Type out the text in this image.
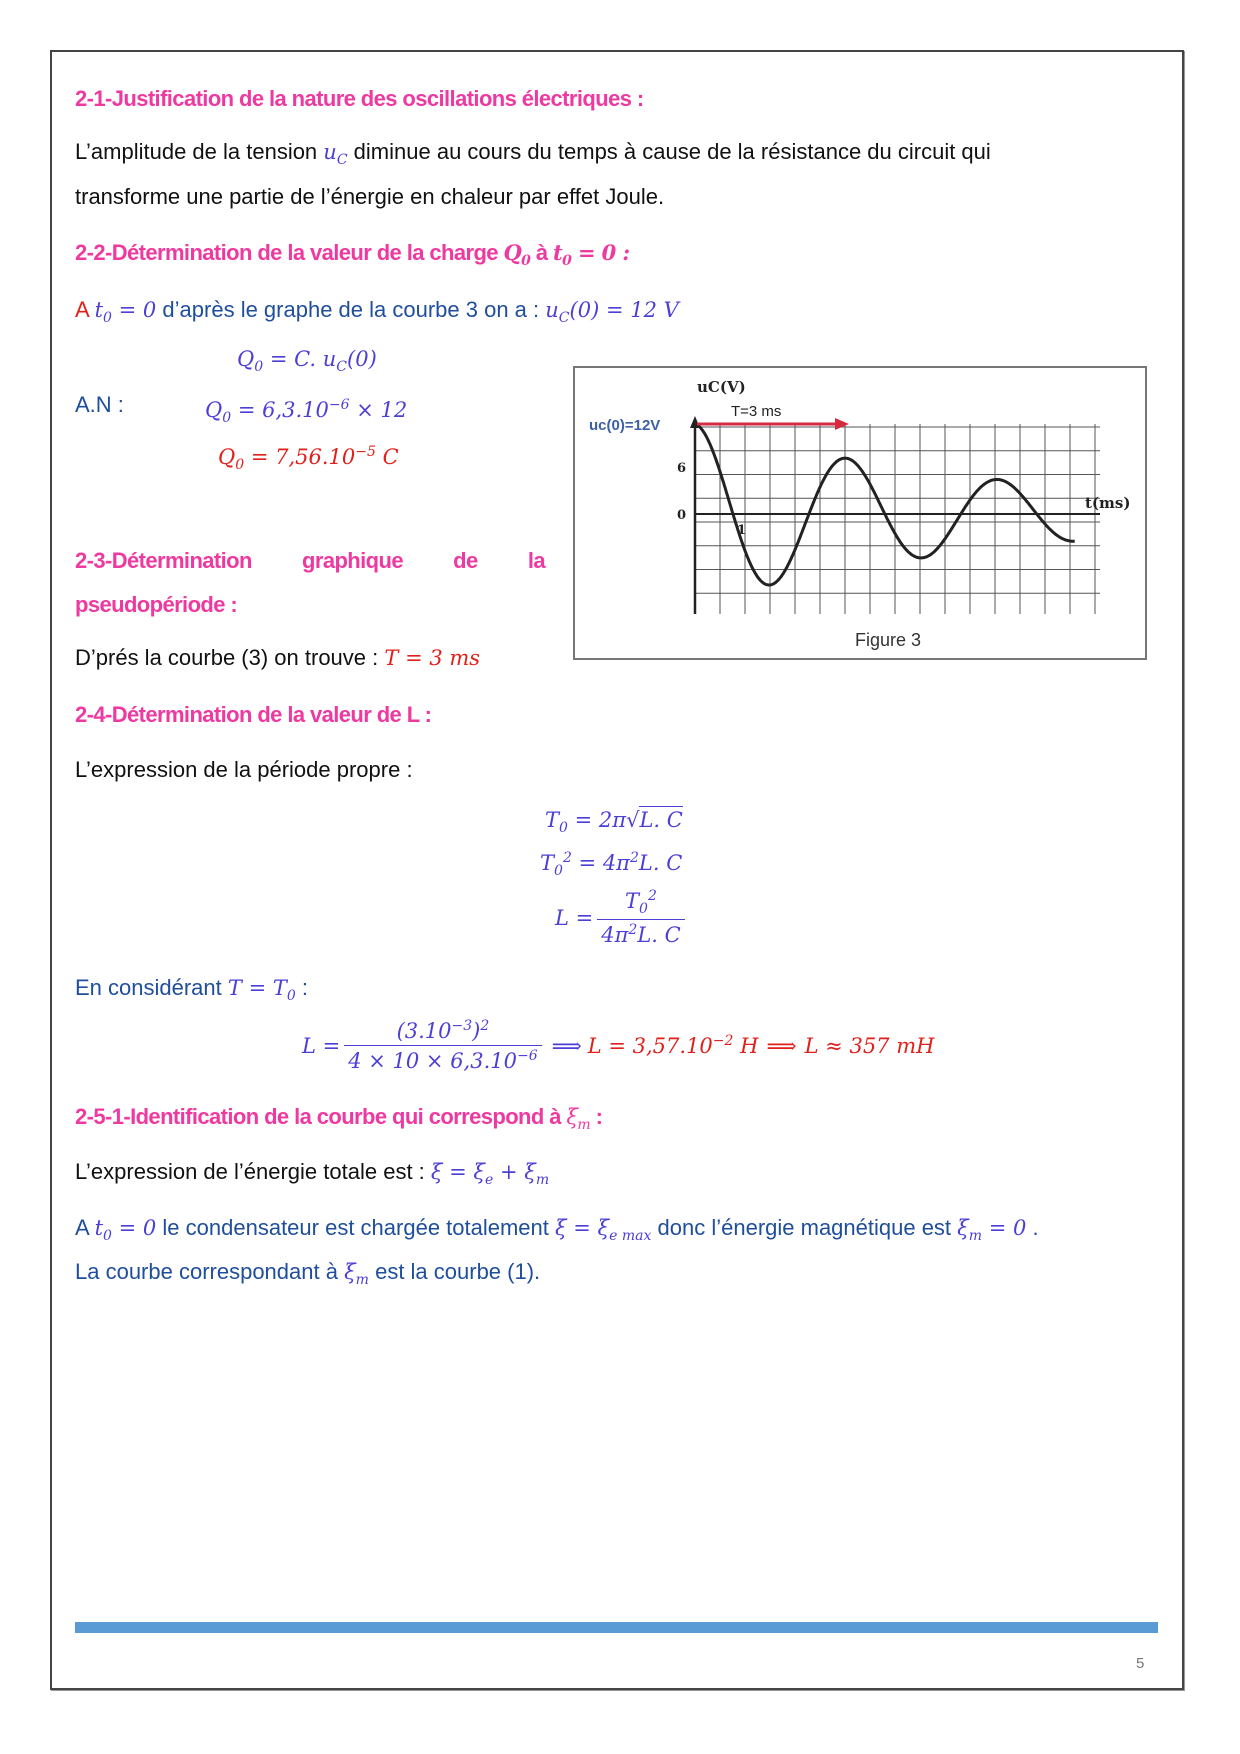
2-1-Justification de la nature des oscillations électriques :
L’amplitude de la tension $u_C$ diminue au cours du temps à cause de la résistance du circuit qui
transforme une partie de l’énergie en chaleur par effet Joule.
2-2-Détermination de la valeur de la charge $Q_0$ à $t_0 = 0$ :
A $t_0 = 0$ d’après le graphe de la courbe 3 on a : $u_C(0) = 12$ V
$Q_0 = C$. $u_C(0)$
A.N :	$Q_0 = 6,3.10^{-6} \times 12$
$Q_0 = 7,56.10^{-5}$ C
2-3-Détermination graphique de la
pseudopériode :
D’prés la courbe (3) on trouve : T = 3 ms
uC(V)
uc(0)=12V
T=3 ms
6
0
1
t(ms)
Figure 3
2-4-Détermination de la valeur de L :
L’expression de la période propre :
$T_0 = 2\pi√L$. C
$T_0^2 = 4\pi^2L$. C
$L = \frac{T_0^2}{4\pi^2L. C}$
En considérant $T = T_0$ :
$L = \frac{(3.10^{-3})^2}{4 \times 10 \times 6,3.10^{-6}}$ ⟹ $L = 3,57.10^{-2}$ H ⟹ L ≈ 357 mH
2-5-1-Identification de la courbe qui correspond à $\xi_m$ :
L’expression de l’énergie totale est : $\xi = \xi_e + \xi_m$
A $t_0 = 0$ le condensateur est chargée totalement $\xi = \xi_{e max}$ donc l’énergie magnétique est $\xi_m = 0$ .
La courbe correspondant à $\xi_m$ est la courbe (1).
5
